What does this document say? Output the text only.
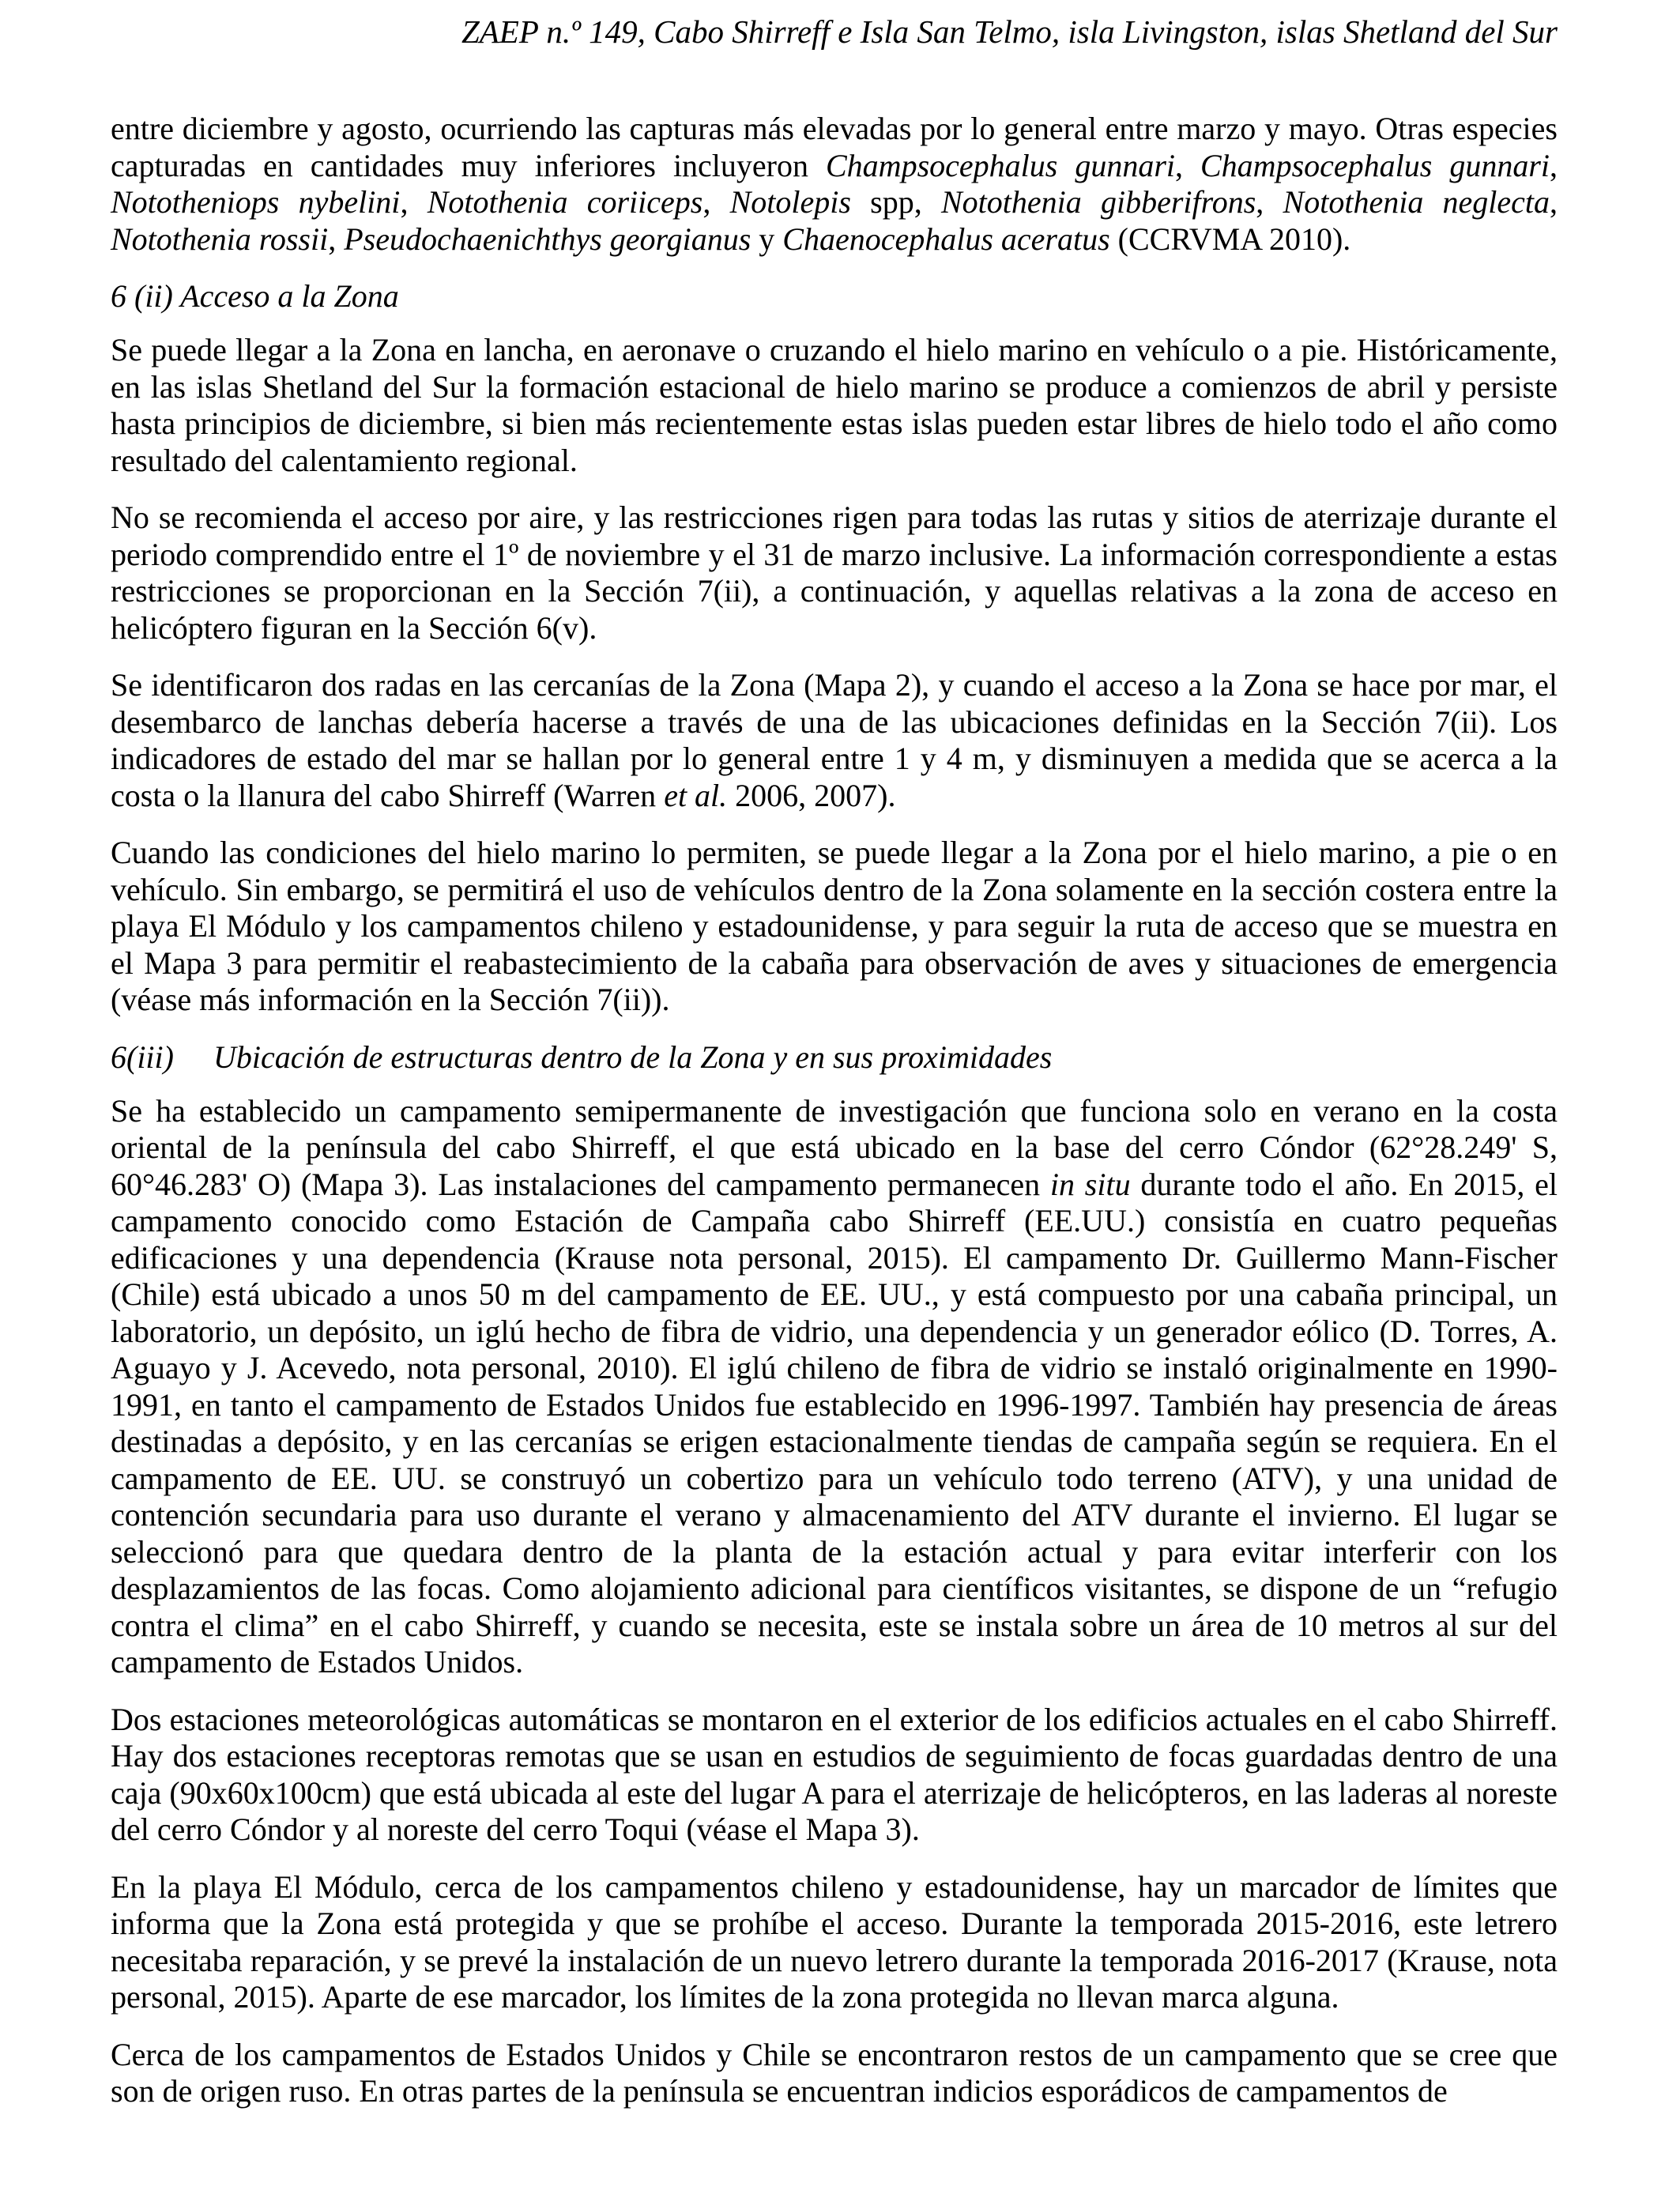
ZAEP n.º 149, Cabo Shirreff e Isla San Telmo, isla Livingston, islas Shetland del Sur

entre diciembre y agosto, ocurriendo las capturas más elevadas por lo general entre marzo y mayo. Otras especies capturadas en cantidades muy inferiores incluyeron Champsocephalus gunnari, Champsocephalus gunnari, Nototheniops nybelini, Notothenia coriiceps, Notolepis spp, Notothenia gibberifrons, Notothenia neglecta, Notothenia rossii, Pseudochaenichthys georgianus y Chaenocephalus aceratus (CCRVMA 2010).

6 (ii) Acceso a la Zona

Se puede llegar a la Zona en lancha, en aeronave o cruzando el hielo marino en vehículo o a pie. Históricamente, en las islas Shetland del Sur la formación estacional de hielo marino se produce a comienzos de abril y persiste hasta principios de diciembre, si bien más recientemente estas islas pueden estar libres de hielo todo el año como resultado del calentamiento regional.

No se recomienda el acceso por aire, y las restricciones rigen para todas las rutas y sitios de aterrizaje durante el periodo comprendido entre el 1º de noviembre y el 31 de marzo inclusive. La información correspondiente a estas restricciones se proporcionan en la Sección 7(ii), a continuación, y aquellas relativas a la zona de acceso en helicóptero figuran en la Sección 6(v).

Se identificaron dos radas en las cercanías de la Zona (Mapa 2), y cuando el acceso a la Zona se hace por mar, el desembarco de lanchas debería hacerse a través de una de las ubicaciones definidas en la Sección 7(ii). Los indicadores de estado del mar se hallan por lo general entre 1 y 4 m, y disminuyen a medida que se acerca a la costa o la llanura del cabo Shirreff (Warren et al. 2006, 2007).

Cuando las condiciones del hielo marino lo permiten, se puede llegar a la Zona por el hielo marino, a pie o en vehículo. Sin embargo, se permitirá el uso de vehículos dentro de la Zona solamente en la sección costera entre la playa El Módulo y los campamentos chileno y estadounidense, y para seguir la ruta de acceso que se muestra en el Mapa 3 para permitir el reabastecimiento de la cabaña para observación de aves y situaciones de emergencia (véase más información en la Sección 7(ii)).

6(iii) Ubicación de estructuras dentro de la Zona y en sus proximidades

Se ha establecido un campamento semipermanente de investigación que funciona solo en verano en la costa oriental de la península del cabo Shirreff, el que está ubicado en la base del cerro Cóndor (62°28.249' S, 60°46.283' O) (Mapa 3). Las instalaciones del campamento permanecen in situ durante todo el año. En 2015, el campamento conocido como Estación de Campaña cabo Shirreff (EE.UU.) consistía en cuatro pequeñas edificaciones y una dependencia (Krause nota personal, 2015). El campamento Dr. Guillermo Mann-Fischer (Chile) está ubicado a unos 50 m del campamento de EE. UU., y está compuesto por una cabaña principal, un laboratorio, un depósito, un iglú hecho de fibra de vidrio, una dependencia y un generador eólico (D. Torres, A. Aguayo y J. Acevedo, nota personal, 2010). El iglú chileno de fibra de vidrio se instaló originalmente en 1990-1991, en tanto el campamento de Estados Unidos fue establecido en 1996-1997. También hay presencia de áreas destinadas a depósito, y en las cercanías se erigen estacionalmente tiendas de campaña según se requiera. En el campamento de EE. UU. se construyó un cobertizo para un vehículo todo terreno (ATV), y una unidad de contención secundaria para uso durante el verano y almacenamiento del ATV durante el invierno. El lugar se seleccionó para que quedara dentro de la planta de la estación actual y para evitar interferir con los desplazamientos de las focas. Como alojamiento adicional para científicos visitantes, se dispone de un “refugio contra el clima” en el cabo Shirreff, y cuando se necesita, este se instala sobre un área de 10 metros al sur del campamento de Estados Unidos.

Dos estaciones meteorológicas automáticas se montaron en el exterior de los edificios actuales en el cabo Shirreff. Hay dos estaciones receptoras remotas que se usan en estudios de seguimiento de focas guardadas dentro de una caja (90x60x100cm) que está ubicada al este del lugar A para el aterrizaje de helicópteros, en las laderas al noreste del cerro Cóndor y al noreste del cerro Toqui (véase el Mapa 3).

En la playa El Módulo, cerca de los campamentos chileno y estadounidense, hay un marcador de límites que informa que la Zona está protegida y que se prohíbe el acceso. Durante la temporada 2015-2016, este letrero necesitaba reparación, y se prevé la instalación de un nuevo letrero durante la temporada 2016-2017 (Krause, nota personal, 2015). Aparte de ese marcador, los límites de la zona protegida no llevan marca alguna.

Cerca de los campamentos de Estados Unidos y Chile se encontraron restos de un campamento que se cree que son de origen ruso. En otras partes de la península se encuentran indicios esporádicos de campamentos de
